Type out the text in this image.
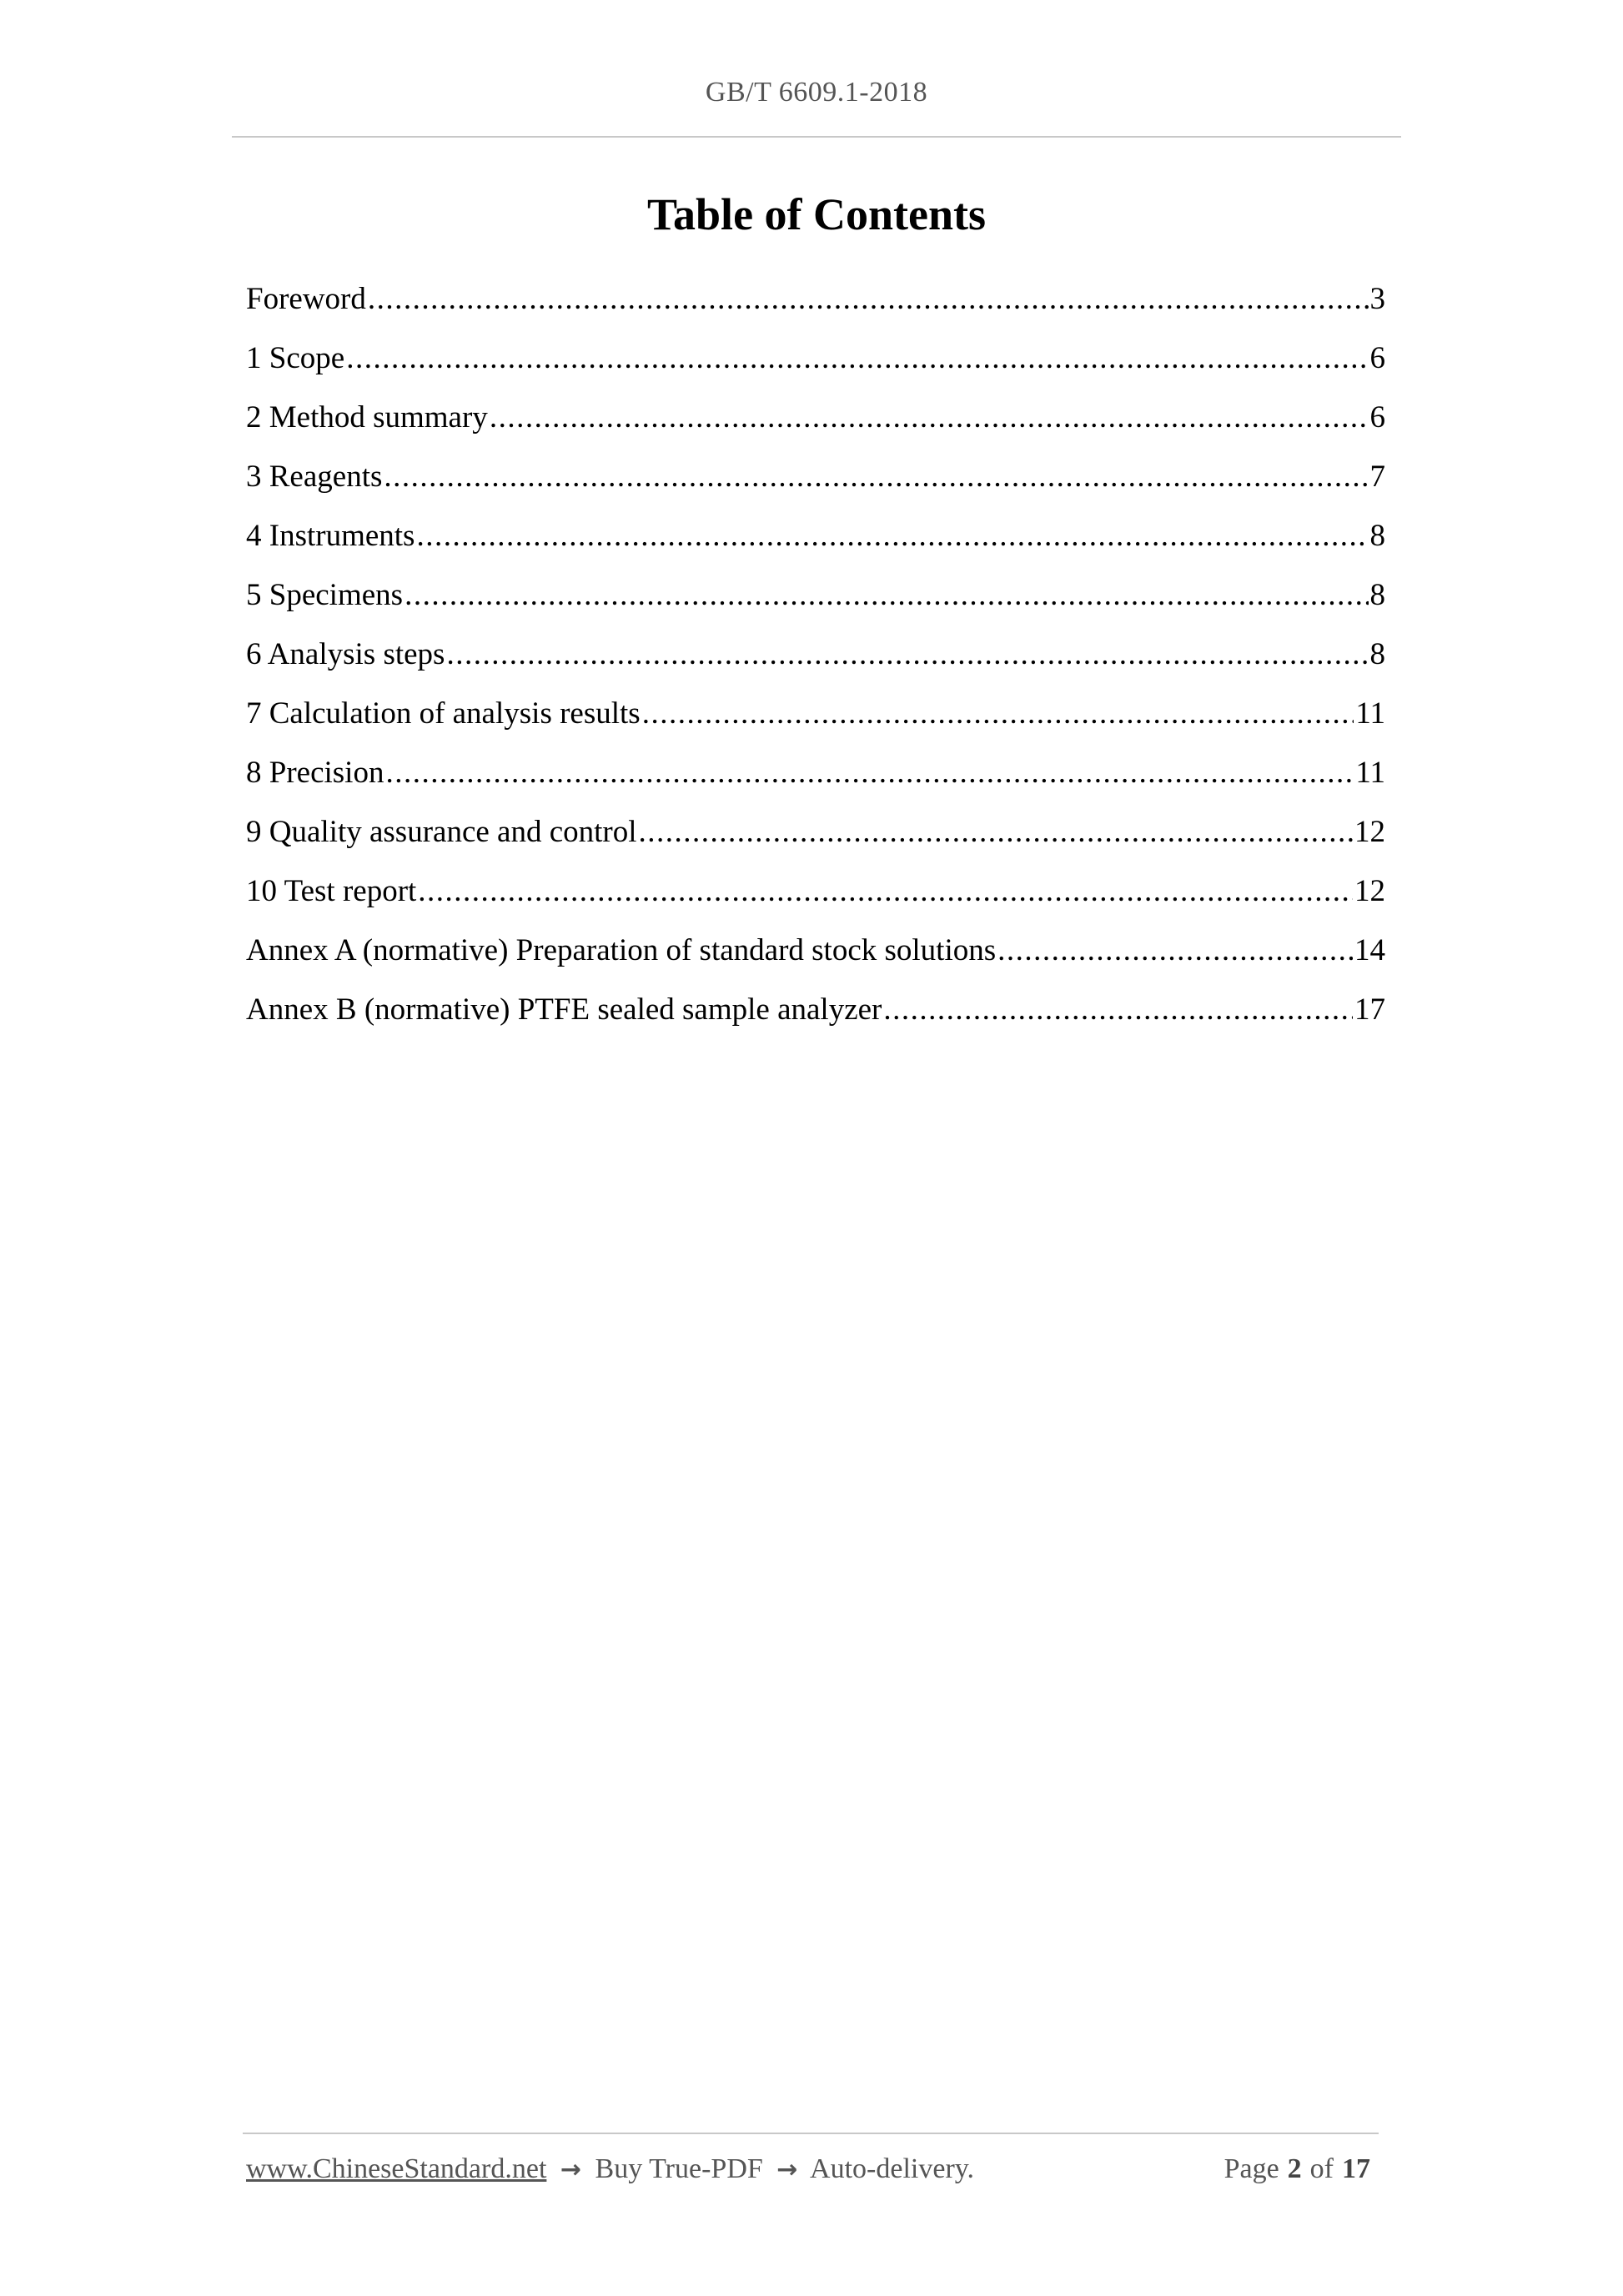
GB/T 6609.1-2018
Table of Contents
Foreword .....	3
1 Scope .....	6
2 Method summary .....	6
3 Reagents .....	7
4 Instruments .....	8
5 Specimens .....	8
6 Analysis steps .....	8
7 Calculation of analysis results .....	11
8 Precision .....	11
9 Quality assurance and control .....	12
10 Test report .....	12
Annex A (normative) Preparation of standard stock solutions .....	14
Annex B (normative) PTFE sealed sample analyzer .....	17
www.ChineseStandard.net → Buy True-PDF → Auto-delivery.	Page 2 of 17
